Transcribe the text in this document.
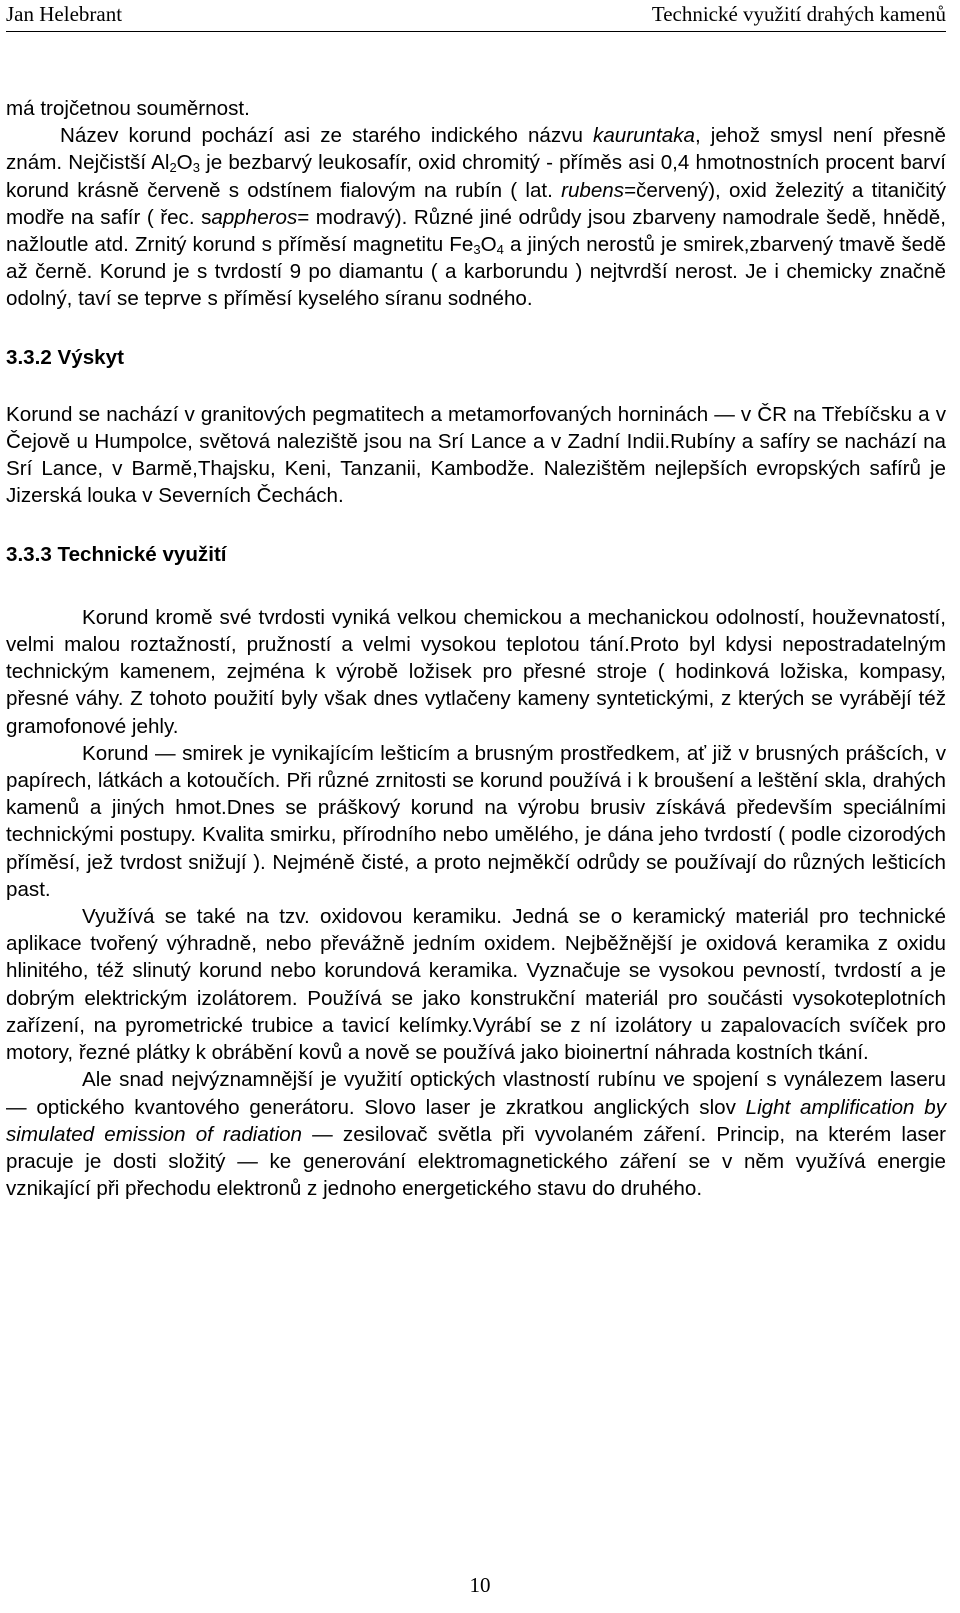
Jan Helebrant	Technické využití drahých kamenů

má trojčetnou souměrnost.

Název korund pochází asi ze starého indického názvu kauruntaka, jehož smysl není přesně znám. Nejčistší $Al_2O_3$ je bezbarvý leukosafír, oxid chromitý - příměs asi 0,4 hmotnostních procent barví korund krásně červeně s odstínem fialovým na rubín ( lat. rubens=červený), oxid železitý a titaničitý modře na safír ( řec. sappheros= modravý). Různé jiné odrůdy jsou zbarveny namodrale šedě, hnědě, nažloutle atd. Zrnitý korund s příměsí magnetitu $Fe_3O_4$ a jiných nerostů je smirek,zbarvený tmavě šedě až černě. Korund je s tvrdostí 9 po diamantu ( a karborundu ) nejtvrdší nerost. Je i chemicky značně odolný, taví se teprve s příměsí kyselého síranu sodného.

3.3.2 Výskyt

Korund se nachází v granitových pegmatitech a metamorfovaných horninách — v ČR na Třebíčsku a v Čejově u Humpolce, světová naleziště jsou na Srí Lance a v Zadní Indii.Rubíny a safíry se nachází na Srí Lance, v Barmě,Thajsku, Keni, Tanzanii, Kambodže. Nalezištěm nejlepších evropských safírů je Jizerská louka v Severních Čechách.

3.3.3 Technické využití

Korund kromě své tvrdosti vyniká velkou chemickou a mechanickou odolností, houževnatostí, velmi malou roztažností, pružností a velmi vysokou teplotou tání.Proto byl kdysi nepostradatelným technickým kamenem, zejména k výrobě ložisek pro přesné stroje ( hodinková ložiska, kompasy, přesné váhy. Z tohoto použití byly však dnes vytlačeny kameny syntetickými, z kterých se vyrábějí též gramofonové jehly.

Korund — smirek je vynikajícím lešticím a brusným prostředkem, ať již v brusných prášcích, v papírech, látkách a kotoučích. Při různé zrnitosti se korund používá i k broušení a leštění skla, drahých kamenů a jiných hmot.Dnes se práškový korund na výrobu brusiv získává především speciálními technickými postupy. Kvalita smirku, přírodního nebo umělého, je dána jeho tvrdostí ( podle cizorodých příměsí, jež tvrdost snižují ). Nejméně čisté, a proto nejměkčí odrůdy se používají do různých lešticích past.

Využívá se také na tzv. oxidovou keramiku. Jedná se o keramický materiál pro technické aplikace tvořený výhradně, nebo převážně jedním oxidem. Nejběžnější je oxidová keramika z oxidu hlinitého, též slinutý korund nebo korundová keramika. Vyznačuje se vysokou pevností, tvrdostí a je dobrým elektrickým izolátorem. Používá se jako konstrukční materiál pro součásti vysokoteplotních zařízení, na pyrometrické trubice a tavicí kelímky.Vyrábí se z ní izolátory u zapalovacích svíček pro motory, řezné plátky k obrábění kovů a nově se používá jako bioinertní náhrada kostních tkání.

Ale snad nejvýznamnější je využití optických vlastností rubínu ve spojení s vynálezem laseru — optického kvantového generátoru. Slovo laser je zkratkou anglických slov Light amplification by simulated emission of radiation — zesilovač světla při vyvolaném záření. Princip, na kterém laser pracuje je dosti složitý — ke generování elektromagnetického záření se v něm využívá energie vznikající při přechodu elektronů z jednoho energetického stavu do druhého.

10
